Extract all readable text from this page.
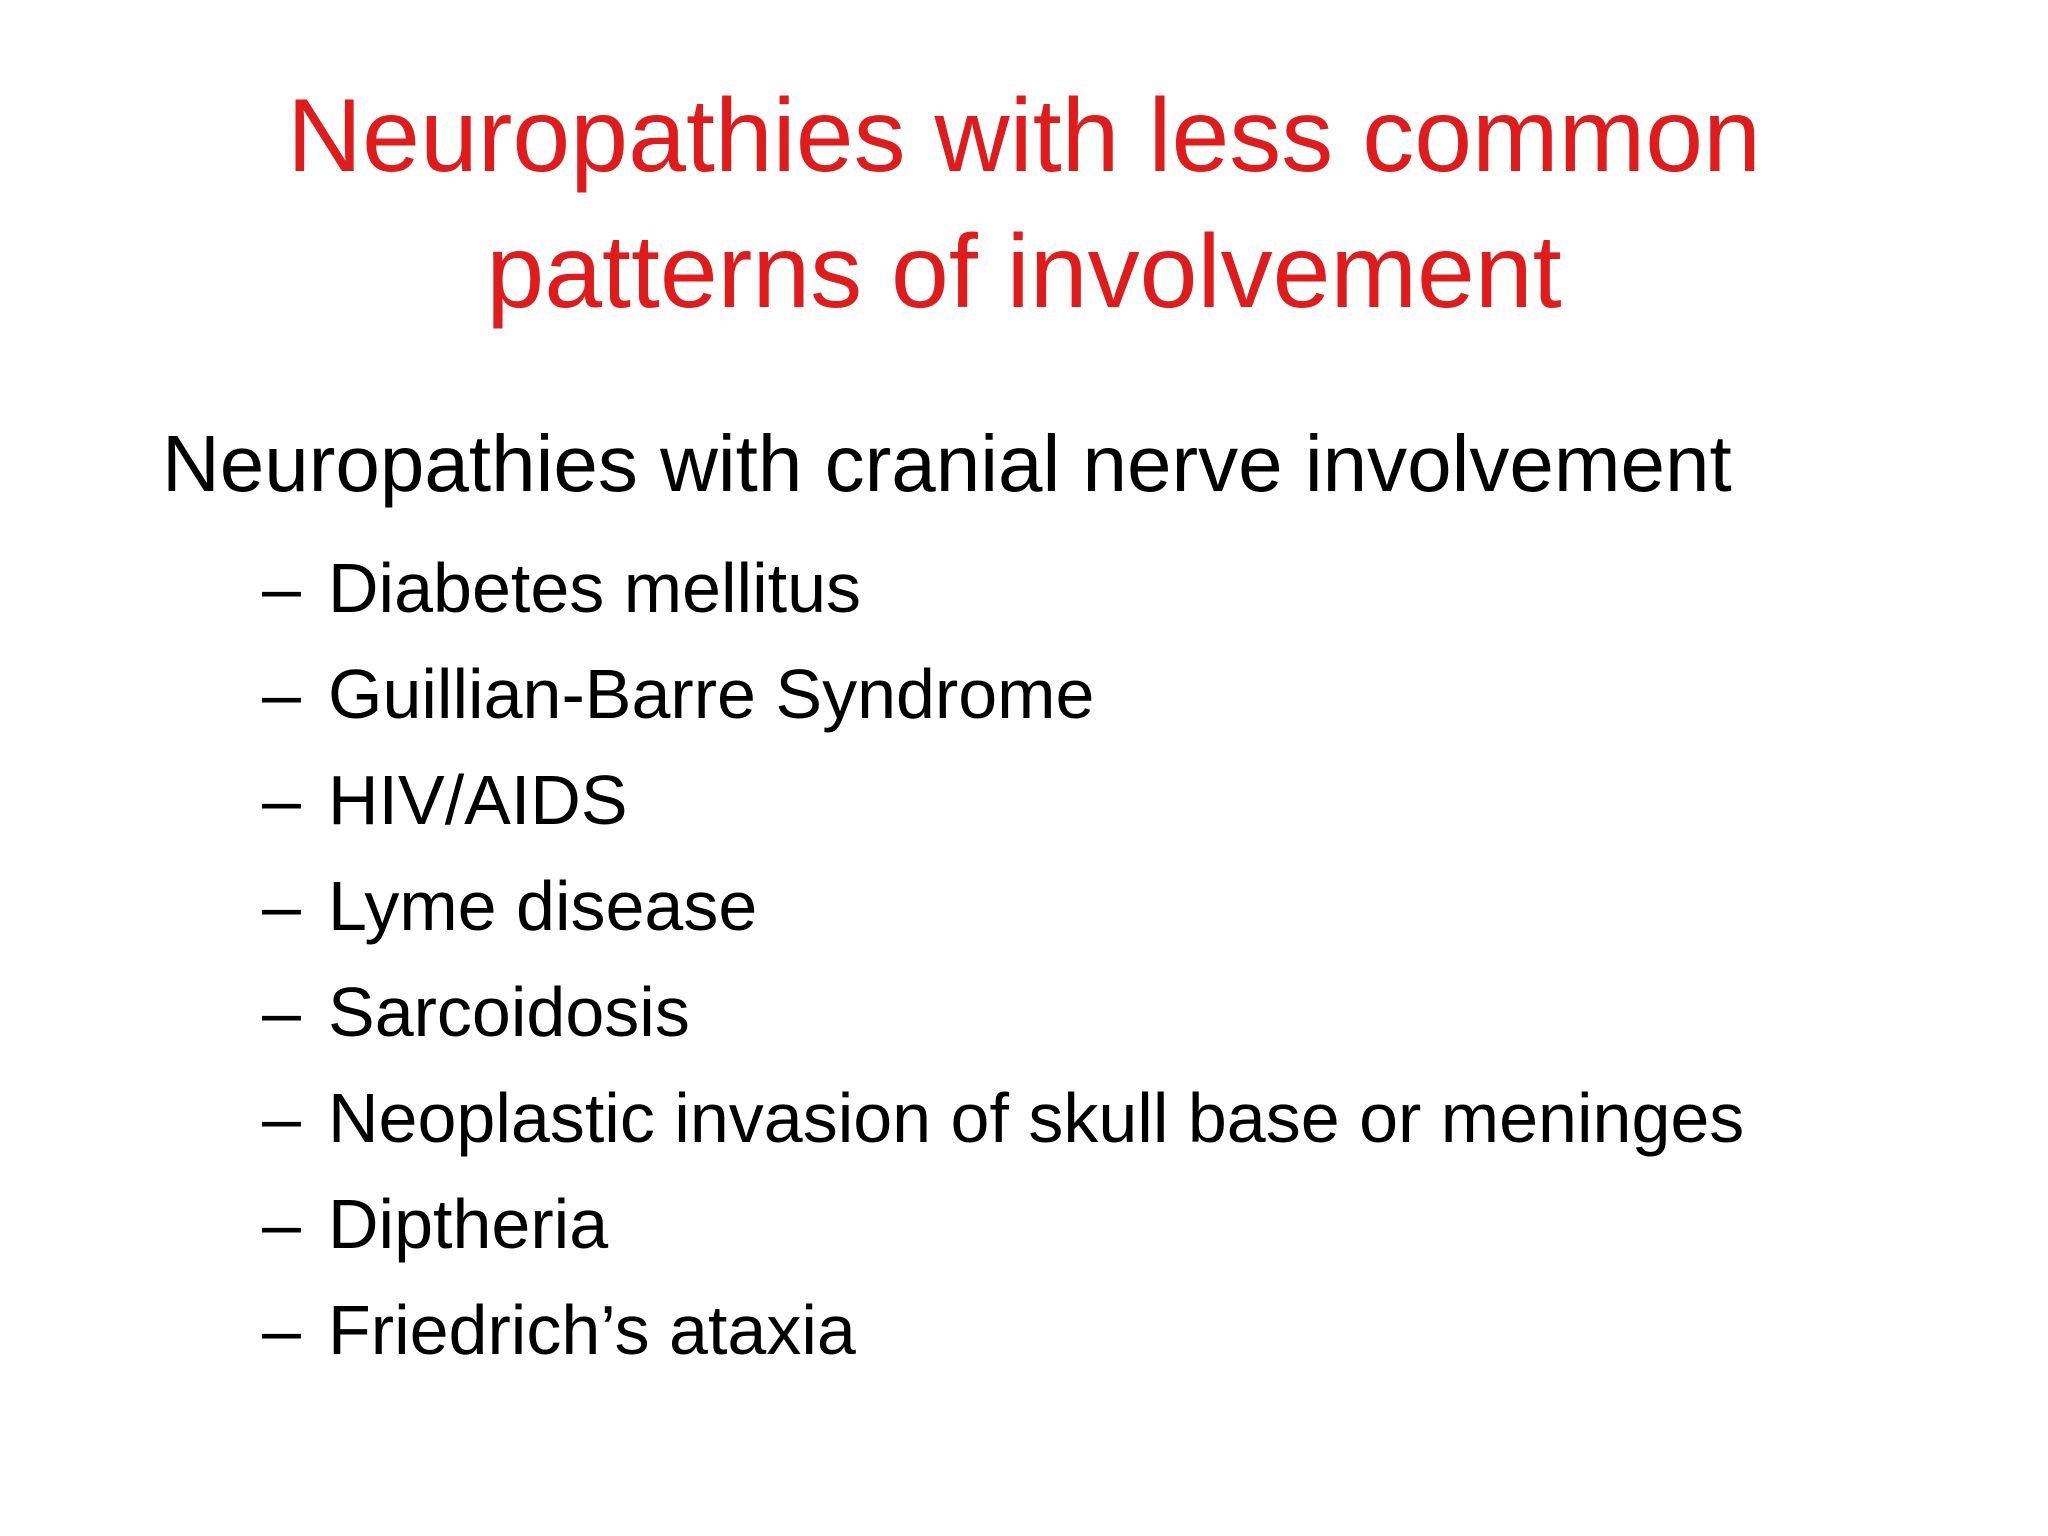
Neuropathies with less common
patterns of involvement
Neuropathies with cranial nerve involvement
– Diabetes mellitus
– Guillian-Barre Syndrome
– HIV/AIDS
– Lyme disease
– Sarcoidosis
– Neoplastic invasion of skull base or meninges
– Diptheria
– Friedrich’s ataxia
